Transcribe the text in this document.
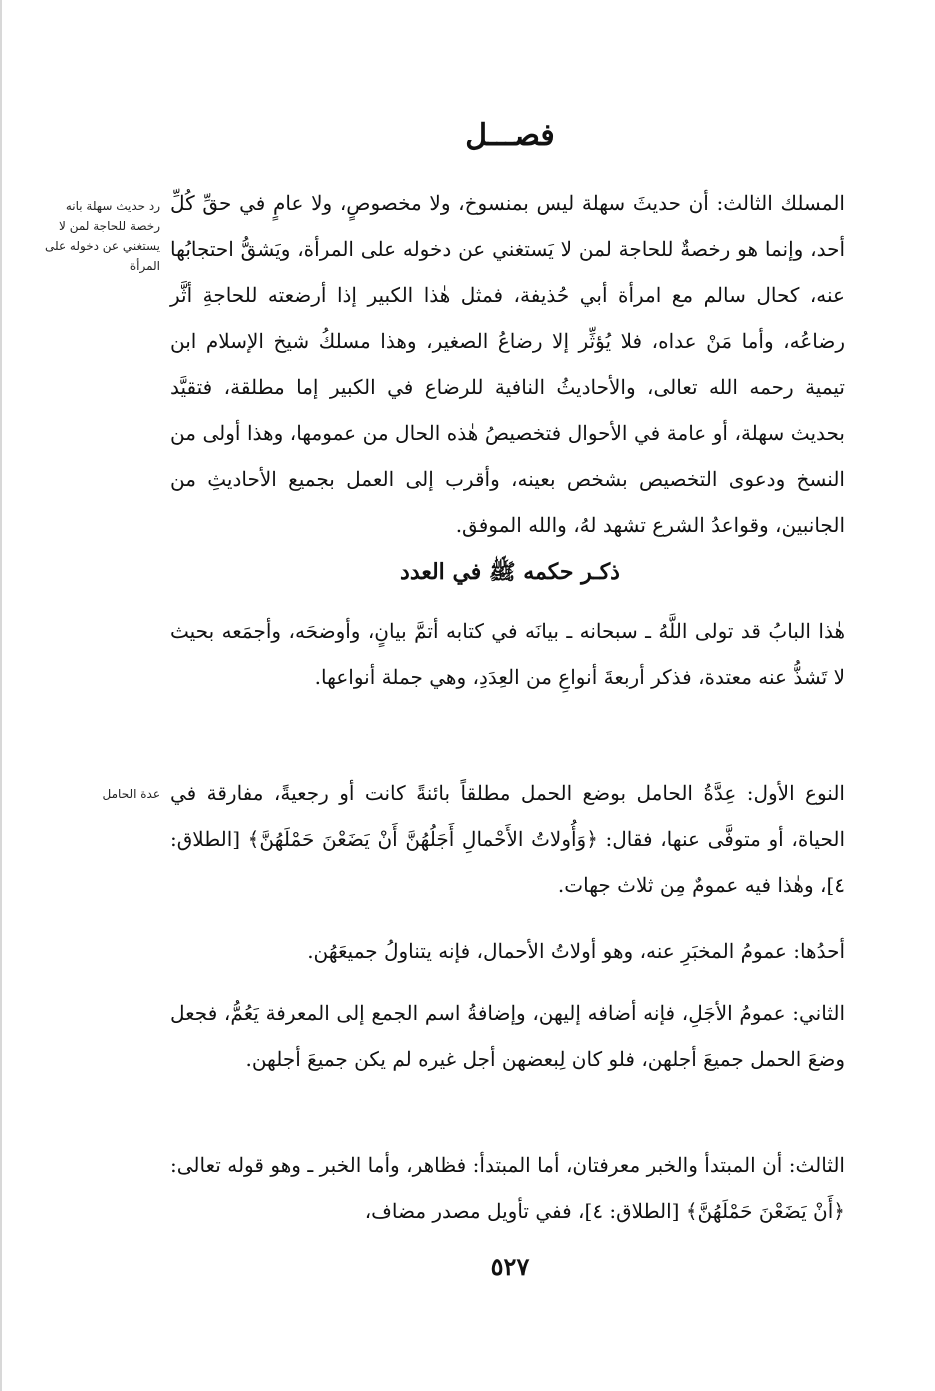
فصـــل
رد حديث سهلة بانه رخصة للحاجة لمن لا يستغني عن دخوله على المرأة

المسلك الثالث: أن حديثَ سهلة ليس بمنسوخ، ولا مخصوصٍ، ولا عامٍ في حقِّ كُلِّ أحد، وإنما هو رخصةٌ للحاجة لمن لا يَستغني عن دخوله على المرأة، ويَشقُّ احتجابُها عنه، كحال سالم مع امرأة أبي حُذيفة، فمثل هٰذا الكبير إذا أرضعته للحاجةِ أثَّر رضاعُه، وأما مَنْ عداه، فلا يُؤثِّر إلا رضاعُ الصغير، وهذا مسلكُ شيخ الإسلام ابن تيمية رحمه الله تعالى، والأحاديثُ النافية للرضاع في الكبير إما مطلقة، فتقيَّد بحديث سهلة، أو عامة في الأحوال فتخصيصُ هٰذه الحال من عمومها، وهذا أولى من النسخ ودعوى التخصيص بشخص بعينه، وأقرب إلى العمل بجميع الأحاديثِ من الجانبين، وقواعدُ الشرع تشهد لهُ، والله الموفق.

ذكـر حكمه ﷺ في العدد

هٰذا البابُ قد تولى اللَّهُ ـ سبحانه ـ بيانَه في كتابه أتمَّ بيانٍ، وأوضحَه، وأجمَعه بحيث لا تَشذُّ عنه معتدة، فذكر أربعةَ أنواعِ من العِدَدِ، وهي جملة أنواعها.

عدة الحامل النوع الأول: عِدَّةُ الحامل بوضع الحمل مطلقاً بائنةً كانت أو رجعيةً، مفارقة في الحياة، أو متوفَّى عنها، فقال: ﴿وَأُولاتُ الأَحْمالِ أَجَلُهُنَّ أَنْ يَضَعْنَ حَمْلَهُنَّ﴾ [الطلاق: ٤]، وهٰذا فيه عمومٌ مِن ثلاث جهات.

أحدُها: عمومُ المخبَرِ عنه، وهو أولاتُ الأحمال، فإنه يتناولُ جميعَهُن.

الثاني: عمومُ الأجَلِ، فإنه أضافه إليهن، وإضافةُ اسم الجمع إلى المعرفة يَعُمُّ، فجعل وضعَ الحمل جميعَ أجلهن، فلو كان لِبعضهن أجل غيره لم يكن جميعَ أجلهن.

الثالث: أن المبتدأ والخبر معرفتان، أما المبتدأ: فظاهر، وأما الخبر ـ وهو قوله تعالى: ﴿أَنْ يَضَعْنَ حَمْلَهُنَّ﴾ [الطلاق: ٤]، ففي تأويل مصدر مضاف،

٥٢٧
